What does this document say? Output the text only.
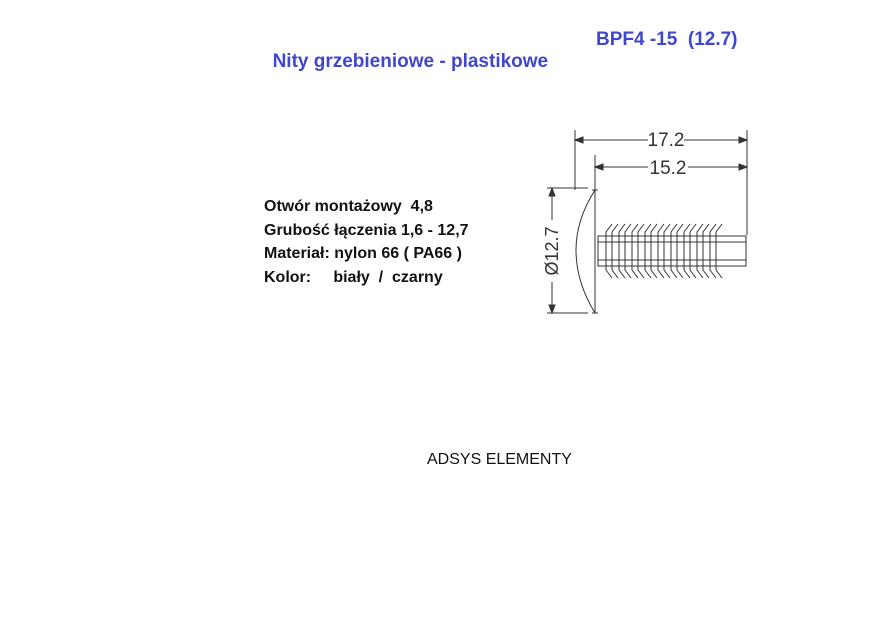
Nity grzebieniowe - plastikowe

BPF4 -15  (12.7)

Otwór montażowy  4,8
Grubość łączenia 1,6 - 12,7
Materiał: nylon 66 ( PA66 )
Kolor:     biały  /  czarny
17.2
15.2
Ø12.7
ADSYS ELEMENTY
